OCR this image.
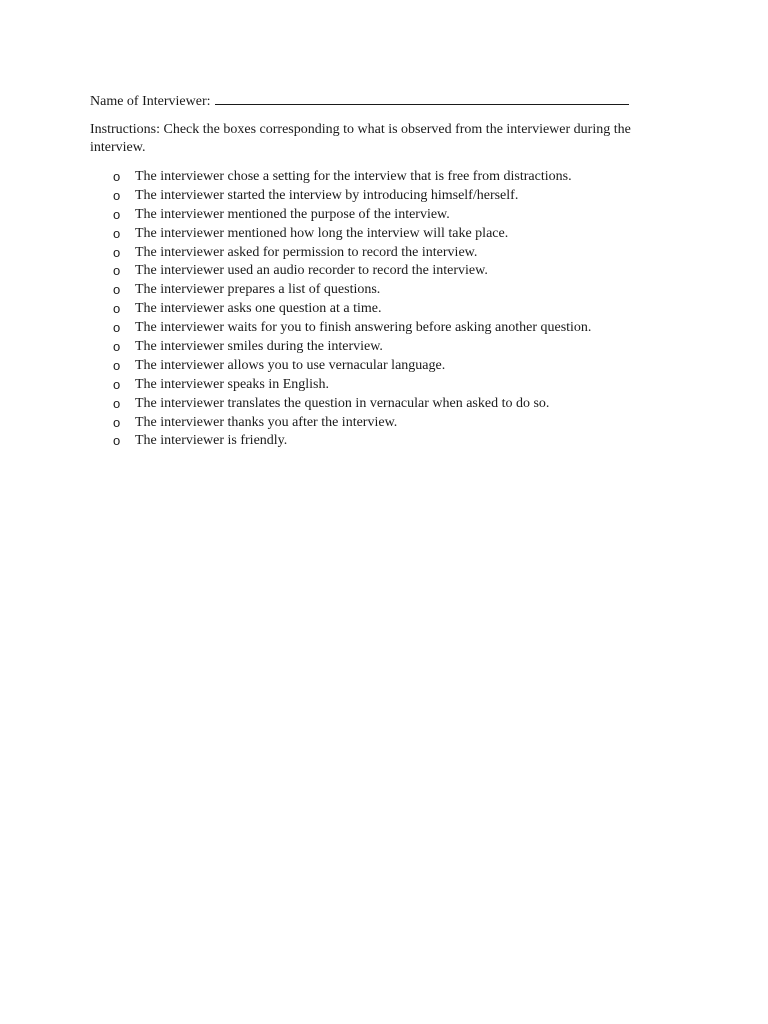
Name of Interviewer:

Instructions: Check the boxes corresponding to what is observed from the interviewer during the interview.

o The interviewer chose a setting for the interview that is free from distractions.
o The interviewer started the interview by introducing himself/herself.
o The interviewer mentioned the purpose of the interview.
o The interviewer mentioned how long the interview will take place.
o The interviewer asked for permission to record the interview.
o The interviewer used an audio recorder to record the interview.
o The interviewer prepares a list of questions.
o The interviewer asks one question at a time.
o The interviewer waits for you to finish answering before asking another question.
o The interviewer smiles during the interview.
o The interviewer allows you to use vernacular language.
o The interviewer speaks in English.
o The interviewer translates the question in vernacular when asked to do so.
o The interviewer thanks you after the interview.
o The interviewer is friendly.
